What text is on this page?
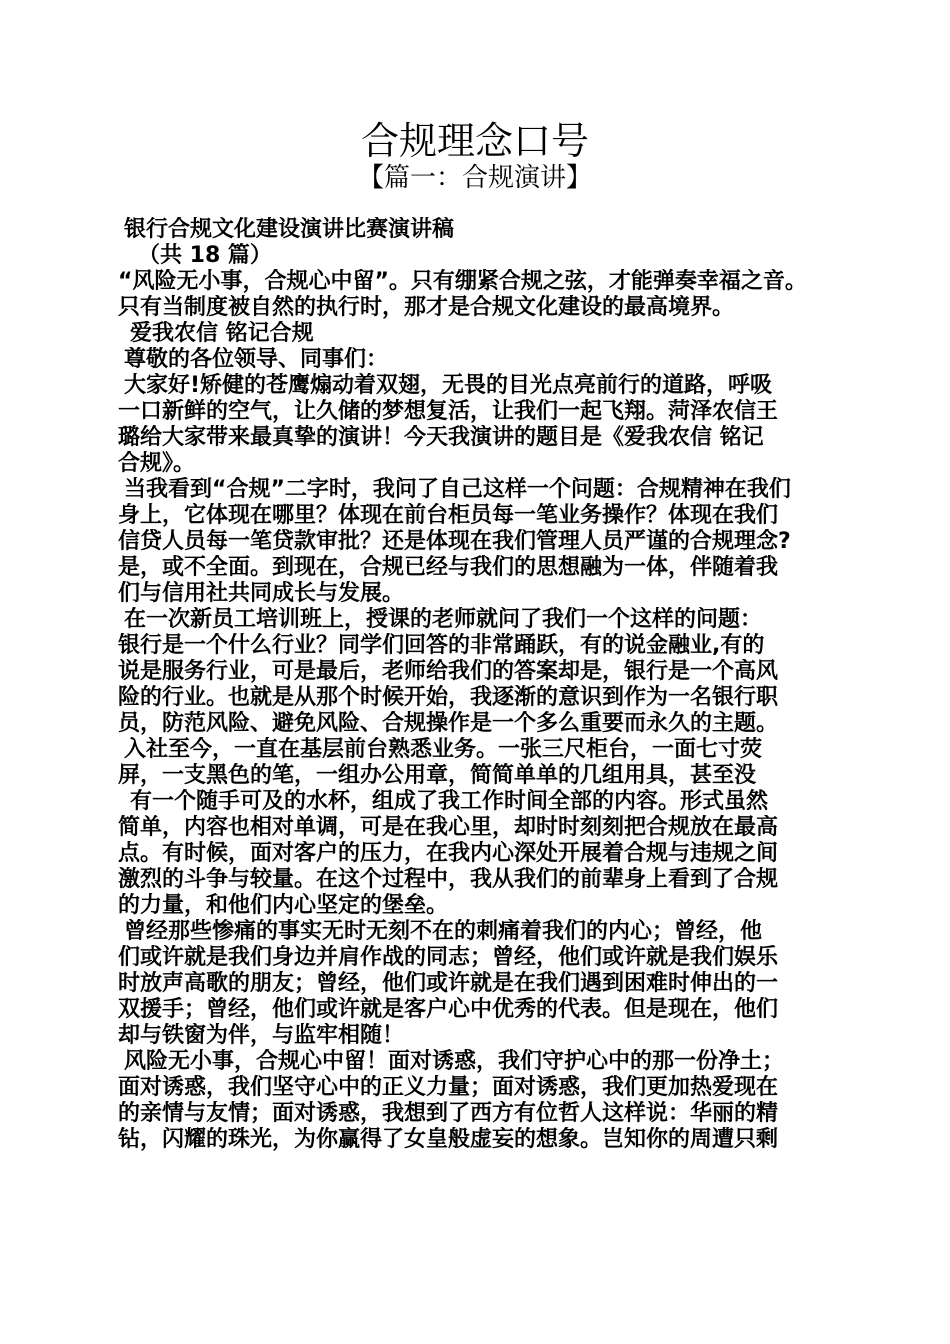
合规理念口号
【篇一：合规演讲】
银行合规文化建设演讲比赛演讲稿
（共 18 篇）
“风险无小事，合规心中留”。只有绷紧合规之弦，才能弹奏幸福之音。
只有当制度被自然的执行时，那才是合规文化建设的最高境界。
爱我农信 铭记合规
尊敬的各位领导、同事们：
大家好!矫健的苍鹰煽动着双翅，无畏的目光点亮前行的道路，呼吸
一口新鲜的空气，让久储的梦想复活，让我们一起飞翔。菏泽农信王
璐给大家带来最真挚的演讲！今天我演讲的题目是《爱我农信 铭记
合规》。
当我看到“合规”二字时，我问了自己这样一个问题：合规精神在我们
身上，它体现在哪里？体现在前台柜员每一笔业务操作？体现在我们
信贷人员每一笔贷款审批？还是体现在我们管理人员严谨的合规理念?
是，或不全面。到现在，合规已经与我们的思想融为一体，伴随着我
们与信用社共同成长与发展。
在一次新员工培训班上，授课的老师就问了我们一个这样的问题：
银行是一个什么行业？同学们回答的非常踊跃，有的说金融业,有的
说是服务行业，可是最后，老师给我们的答案却是，银行是一个高风
险的行业。也就是从那个时候开始，我逐渐的意识到作为一名银行职
员，防范风险、避免风险、合规操作是一个多么重要而永久的主题。
入社至今，一直在基层前台熟悉业务。一张三尺柜台，一面七寸荧
屏，一支黑色的笔，一组办公用章，简简单单的几组用具，甚至没
有一个随手可及的水杯，组成了我工作时间全部的内容。形式虽然
简单，内容也相对单调，可是在我心里，却时时刻刻把合规放在最高
点。有时候，面对客户的压力，在我内心深处开展着合规与违规之间
激烈的斗争与较量。在这个过程中，我从我们的前辈身上看到了合规
的力量，和他们内心坚定的堡垒。
曾经那些惨痛的事实无时无刻不在的刺痛着我们的内心；曾经，他
们或许就是我们身边并肩作战的同志；曾经，他们或许就是我们娱乐
时放声高歌的朋友；曾经，他们或许就是在我们遇到困难时伸出的一
双援手；曾经，他们或许就是客户心中优秀的代表。但是现在，他们
却与铁窗为伴，与监牢相随！
风险无小事，合规心中留！面对诱惑，我们守护心中的那一份净土；
面对诱惑，我们坚守心中的正义力量；面对诱惑，我们更加热爱现在
的亲情与友情；面对诱惑，我想到了西方有位哲人这样说：华丽的精
钻，闪耀的珠光，为你赢得了女皇般虚妄的想象。岂知你的周遭只剩
